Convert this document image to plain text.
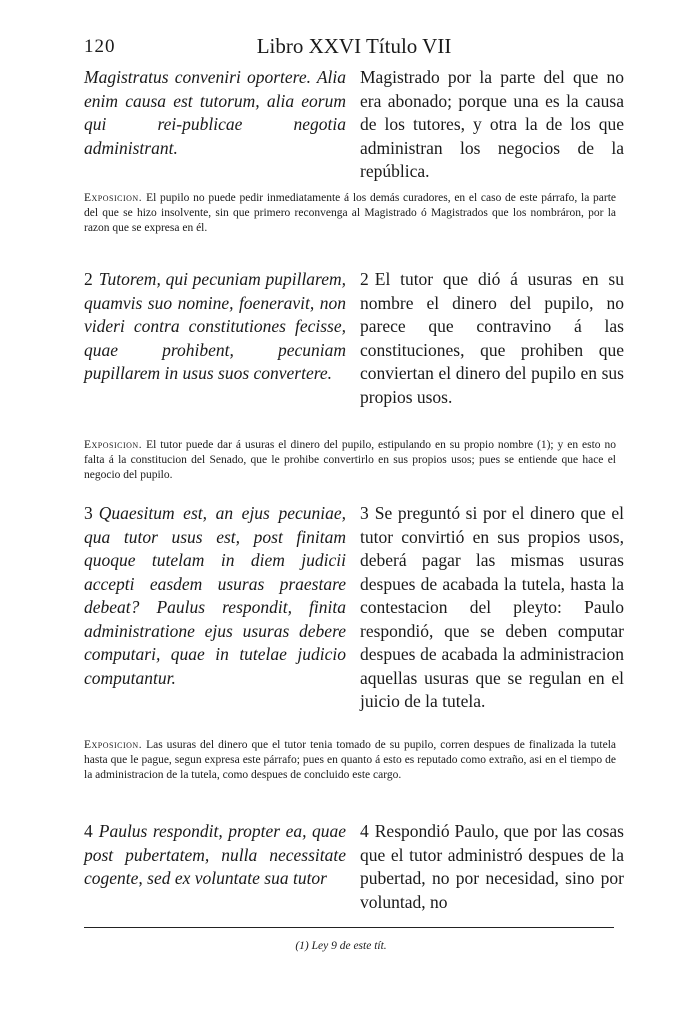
120	Libro XXVI Título VII
Magistratus conveniri oportere. Alia enim causa est tutorum, alia eorum qui rei-publicae negotia administrant.
Magistrado por la parte del que no era abonado; porque una es la causa de los tutores, y otra la de los que administran los negocios de la república.
Exposicion. El pupilo no puede pedir inmediatamente á los demás curadores, en el caso de este párrafo, la parte del que se hizo insolvente, sin que primero reconvenga al Magistrado ó Magistrados que los nombráron, por la razon que se expresa en él.
2 Tutorem, qui pecuniam pupillarem, quamvis suo nomine, foeneravit, non videri contra constitutiones fecisse, quae prohibent, pecuniam pupillarem in usus suos convertere.
2 El tutor que dió á usuras en su nombre el dinero del pupilo, no parece que contravino á las constituciones, que prohiben que conviertan el dinero del pupilo en sus propios usos.
Exposicion. El tutor puede dar á usuras el dinero del pupilo, estipulando en su propio nombre (1); y en esto no falta á la constitucion del Senado, que le prohibe convertirlo en sus propios usos; pues se entiende que hace el negocio del pupilo.
3 Quaesitum est, an ejus pecuniae, qua tutor usus est, post finitam quoque tutelam in diem judicii accepti easdem usuras praestare debeat? Paulus respondit, finita administratione ejus usuras debere computari, quae in tutelae judicio computantur.
3 Se preguntó si por el dinero que el tutor convirtió en sus propios usos, deberá pagar las mismas usuras despues de acabada la tutela, hasta la contestacion del pleyto: Paulo respondió, que se deben computar despues de acabada la administracion aquellas usuras que se regulan en el juicio de la tutela.
Exposicion. Las usuras del dinero que el tutor tenia tomado de su pupilo, corren despues de finalizada la tutela hasta que le pague, segun expresa este párrafo; pues en quanto á esto es reputado como extraño, asi en el tiempo de la administracion de la tutela, como despues de concluido este cargo.
4 Paulus respondit, propter ea, quae post pubertatem, nulla necessitate cogente, sed ex voluntate sua tutor
4 Respondió Paulo, que por las cosas que el tutor administró despues de la pubertad, no por necesidad, sino por voluntad, no
(1) Ley 9 de este tít.
